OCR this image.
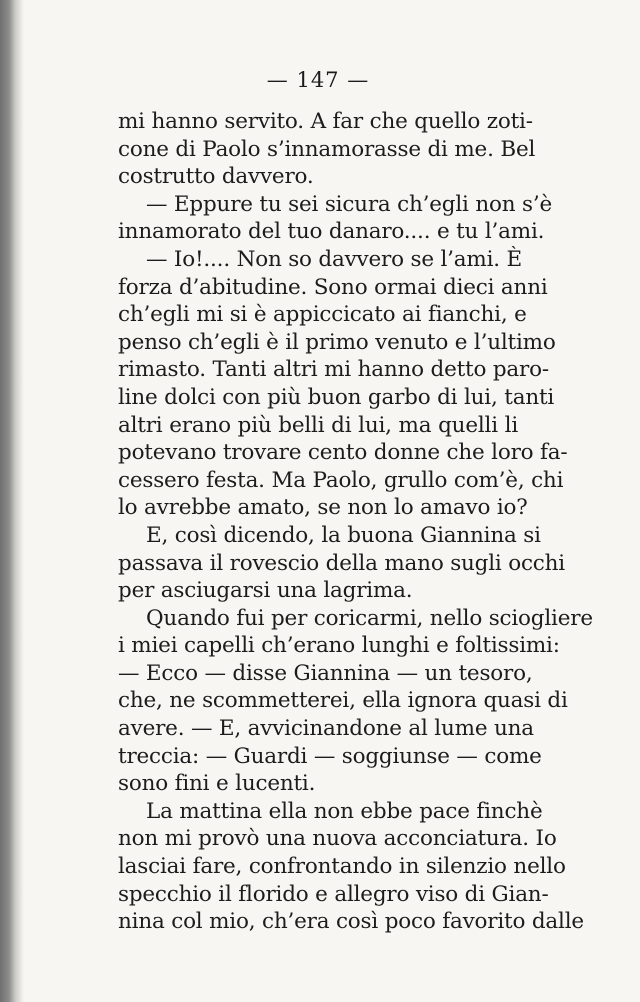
— 147 —
mi hanno servito. A far che quello zoti-
cone di Paolo s’innamorasse di me. Bel
costrutto davvero.
— Eppure tu sei sicura ch’egli non s’è
innamorato del tuo danaro.... e tu l’ami.
— Io!.... Non so davvero se l’ami. È
forza d’abitudine. Sono ormai dieci anni
ch’egli mi si è appiccicato ai fianchi, e
penso ch’egli è il primo venuto e l’ultimo
rimasto. Tanti altri mi hanno detto paro-
line dolci con più buon garbo di lui, tanti
altri erano più belli di lui, ma quelli li
potevano trovare cento donne che loro fa-
cessero festa. Ma Paolo, grullo com’è, chi
lo avrebbe amato, se non lo amavo io?
E, così dicendo, la buona Giannina si
passava il rovescio della mano sugli occhi
per asciugarsi una lagrima.
Quando fui per coricarmi, nello sciogliere
i miei capelli ch’erano lunghi e foltissimi:
— Ecco — disse Giannina — un tesoro,
che, ne scommetterei, ella ignora quasi di
avere. — E, avvicinandone al lume una
treccia: — Guardi — soggiunse — come
sono fini e lucenti.
La mattina ella non ebbe pace finchè
non mi provò una nuova acconciatura. Io
lasciai fare, confrontando in silenzio nello
specchio il florido e allegro viso di Gian-
nina col mio, ch’era così poco favorito dalle
